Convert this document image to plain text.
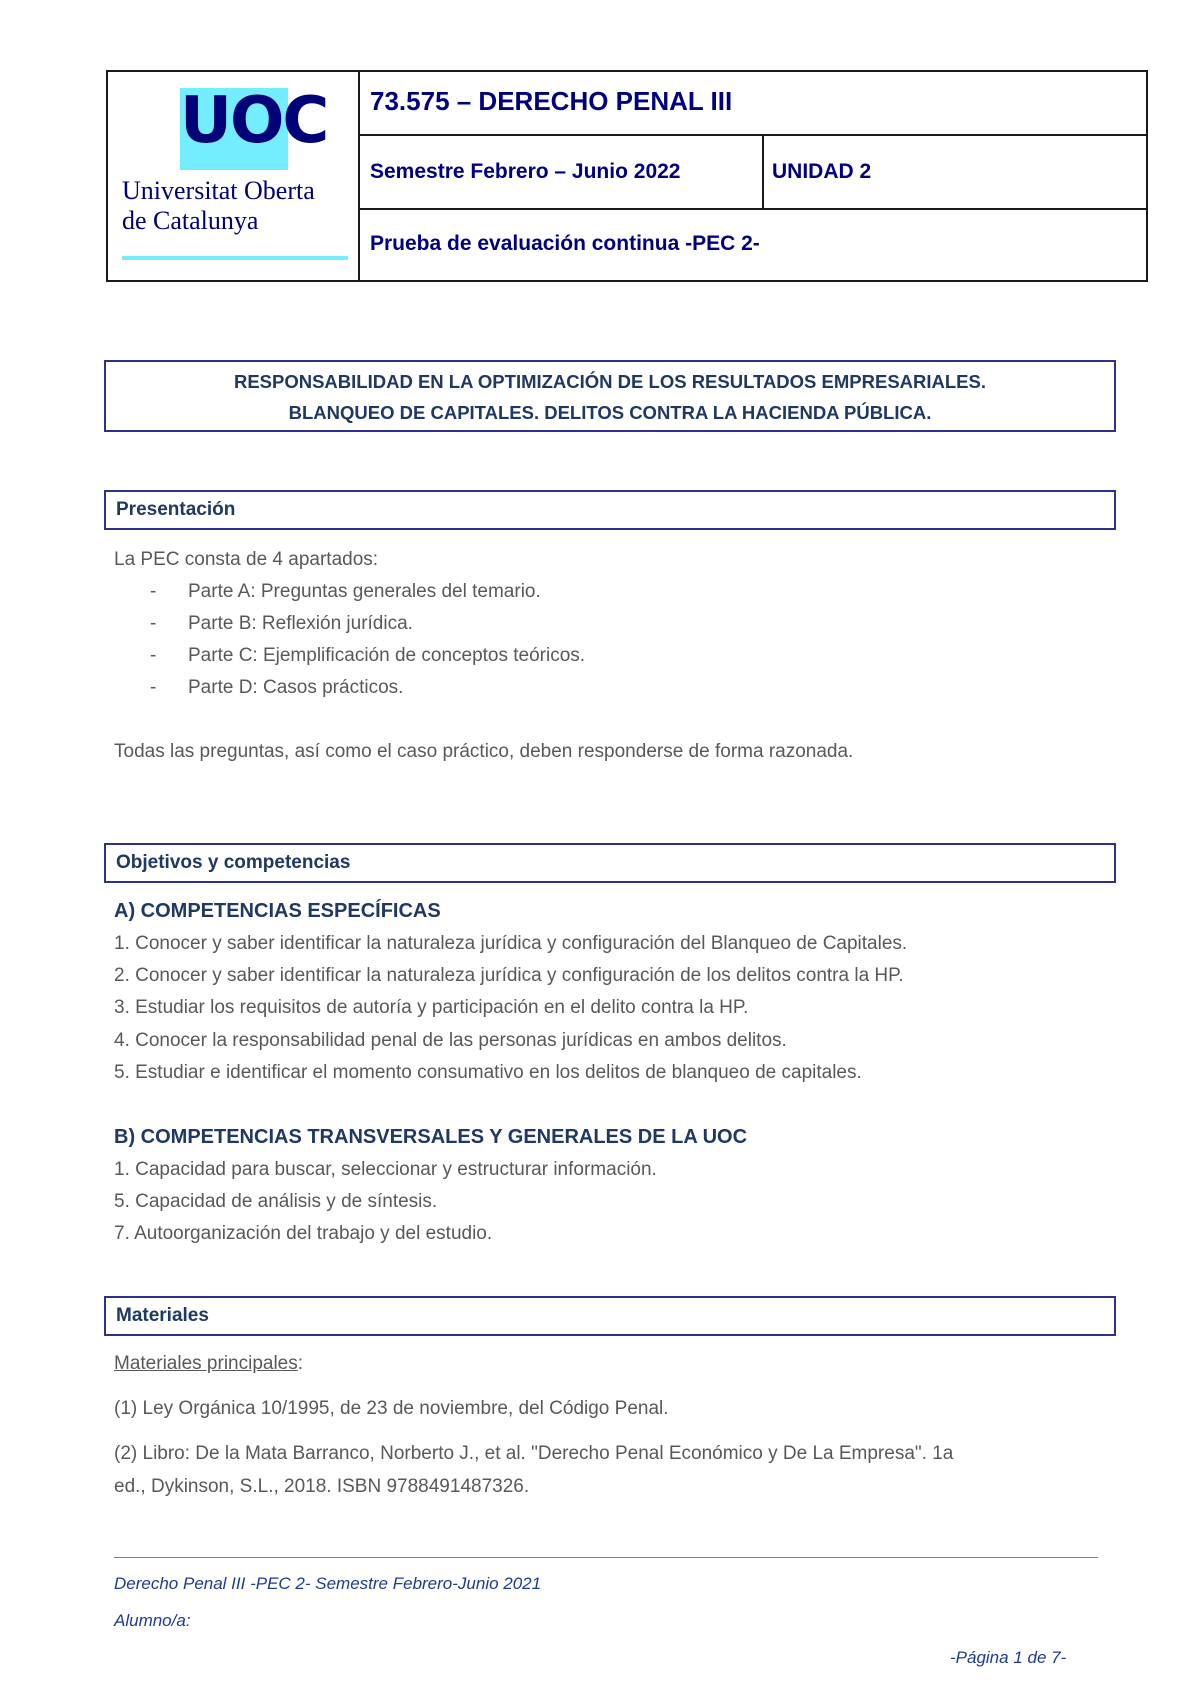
UOC
Universitat Oberta
de Catalunya
73.575 – DERECHO PENAL III
Semestre Febrero – Junio 2022	UNIDAD 2
Prueba de evaluación continua -PEC 2-
RESPONSABILIDAD EN LA OPTIMIZACIÓN DE LOS RESULTADOS EMPRESARIALES.
BLANQUEO DE CAPITALES. DELITOS CONTRA LA HACIENDA PÚBLICA.
Presentación
La PEC consta de 4 apartados:
- Parte A: Preguntas generales del temario.
- Parte B: Reflexión jurídica.
- Parte C: Ejemplificación de conceptos teóricos.
- Parte D: Casos prácticos.
Todas las preguntas, así como el caso práctico, deben responderse de forma razonada.
Objetivos y competencias
A) COMPETENCIAS ESPECÍFICAS
1. Conocer y saber identificar la naturaleza jurídica y configuración del Blanqueo de Capitales.
2. Conocer y saber identificar la naturaleza jurídica y configuración de los delitos contra la HP.
3. Estudiar los requisitos de autoría y participación en el delito contra la HP.
4. Conocer la responsabilidad penal de las personas jurídicas en ambos delitos.
5. Estudiar e identificar el momento consumativo en los delitos de blanqueo de capitales.
B) COMPETENCIAS TRANSVERSALES Y GENERALES DE LA UOC
1. Capacidad para buscar, seleccionar y estructurar información.
5. Capacidad de análisis y de síntesis.
7. Autoorganización del trabajo y del estudio.
Materiales
Materiales principales:
(1) Ley Orgánica 10/1995, de 23 de noviembre, del Código Penal.
(2) Libro: De la Mata Barranco, Norberto J., et al. "Derecho Penal Económico y De La Empresa". 1a
ed., Dykinson, S.L., 2018. ISBN 9788491487326.
Derecho Penal III -PEC 2- Semestre Febrero-Junio 2021
Alumno/a:
-Página 1 de 7-
